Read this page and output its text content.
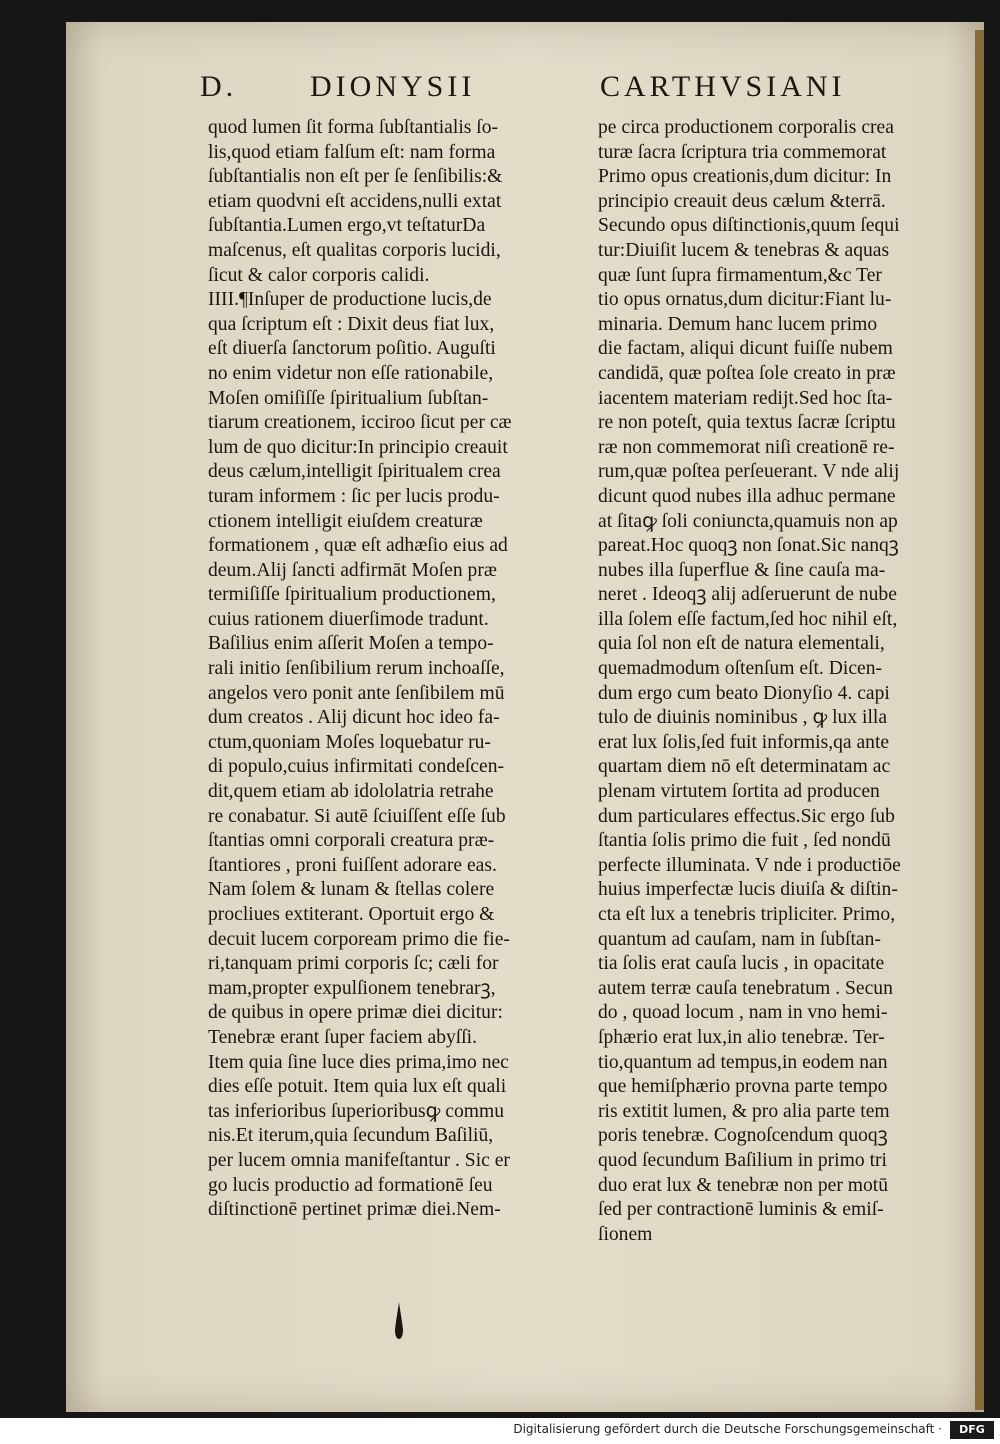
D. DIONYSII	CARTHVSIANI
quod lumen ſit forma ſubſtantialis ſo-
lis,quod etiam falſum eſt: nam forma
ſubſtantialis non eſt per ſe ſenſibilis:&
etiam quodvni eſt accidens,nulli extat
ſubſtantia.Lumen ergo,vt teſtaturDa
maſcenus, eſt qualitas corporis lucidi,
ſicut & calor corporis calidi.
IIII.¶Inſuper de productione lucis,de
qua ſcriptum eſt : Dixit deus fiat lux,
eſt diuerſa ſanctorum poſitio. Auguſti
no enim videtur non eſſe rationabile,
Moſen omiſiſſe ſpiritualium ſubſtan-
tiarum creationem, icciroo ſicut per cæ
lum de quo dicitur:In principio creauit
deus cælum,intelligit ſpiritualem crea
turam informem : ſic per lucis produ-
ctionem intelligit eiuſdem creaturæ
formationem , quæ eſt adhæſio eius ad
deum.Alij ſancti adfirmāt Moſen præ
termiſiſſe ſpiritualium productionem,
cuius rationem diuerſimode tradunt.
Baſilius enim aſſerit Moſen a tempo-
rali initio ſenſibilium rerum inchoaſſe,
angelos vero ponit ante ſenſibilem mū
dum creatos . Alij dicunt hoc ideo fa-
ctum,quoniam Moſes loquebatur ru-
di populo,cuius infirmitati condeſcen-
dit,quem etiam ab idololatria retrahe
re conabatur. Si autē ſciuiſſent eſſe ſub
ſtantias omni corporali creatura præ-
ſtantiores , proni fuiſſent adorare eas.
Nam ſolem & lunam & ſtellas colere
procliues extiterant. Oportuit ergo &
decuit lucem corpoream primo die fie-
ri,tanquam primi corporis ſc; cæli for
mam,propter expulſionem tenebrarꝫ,
de quibus in opere primæ diei dicitur:
Tenebræ erant ſuper faciem abyſſi.
Item quia ſine luce dies prima,imo nec
dies eſſe potuit. Item quia lux eſt quali
tas inferioribus ſuperioribusꝙ commu
nis.Et iterum,quia ſecundum Baſiliū,
per lucem omnia manifeſtantur . Sic er
go lucis productio ad formationē ſeu
diſtinctionē pertinet primæ diei.Nem-
pe circa productionem corporalis crea
turæ ſacra ſcriptura tria commemorat
Primo opus creationis,dum dicitur: In
principio creauit deus cælum &terrā.
Secundo opus diſtinctionis,quum ſequi
tur:Diuiſit lucem & tenebras & aquas
quæ ſunt ſupra firmamentum,&c Ter
tio opus ornatus,dum dicitur:Fiant lu-
minaria. Demum hanc lucem primo
die factam, aliqui dicunt fuiſſe nubem
candidā, quæ poſtea ſole creato in præ
iacentem materiam redijt.Sed hoc ſta-
re non poteſt, quia textus ſacræ ſcriptu
ræ non commemorat niſi creationē re-
rum,quæ poſtea perſeuerant. V nde alij
dicunt quod nubes illa adhuc permane
at ſitaꝙ ſoli coniuncta,quamuis non ap
pareat.Hoc quoqꝫ non ſonat.Sic nanqꝫ
nubes illa ſuperflue & ſine cauſa ma-
neret . Ideoqꝫ alij adſeruerunt de nube
illa ſolem eſſe factum,ſed hoc nihil eſt,
quia ſol non eſt de natura elementali,
quemadmodum oſtenſum eſt. Dicen-
dum ergo cum beato Dionyſio 4. capi
tulo de diuinis nominibus , ꝙ lux illa
erat lux ſolis,ſed fuit informis,qa ante
quartam diem nō eſt determinatam ac
plenam virtutem ſortita ad producen
dum particulares effectus.Sic ergo ſub
ſtantia ſolis primo die fuit , ſed nondū
perfecte illuminata. V nde i productiōe
huius imperfectæ lucis diuiſa & diſtin-
cta eſt lux a tenebris tripliciter. Primo,
quantum ad cauſam, nam in ſubſtan-
tia ſolis erat cauſa lucis , in opacitate
autem terræ cauſa tenebratum . Secun
do , quoad locum , nam in vno hemi-
ſphærio erat lux,in alio tenebræ. Ter-
tio,quantum ad tempus,in eodem nan
que hemiſphærio provna parte tempo
ris extitit lumen, & pro alia parte tem
poris tenebræ. Cognoſcendum quoqꝫ
quod ſecundum Baſilium in primo tri
duo erat lux & tenebræ non per motū
ſed per contractionē luminis & emiſ-
ſionem
Digitalisierung gefördert durch die Deutsche Forschungsgemeinschaft ·	DFG
